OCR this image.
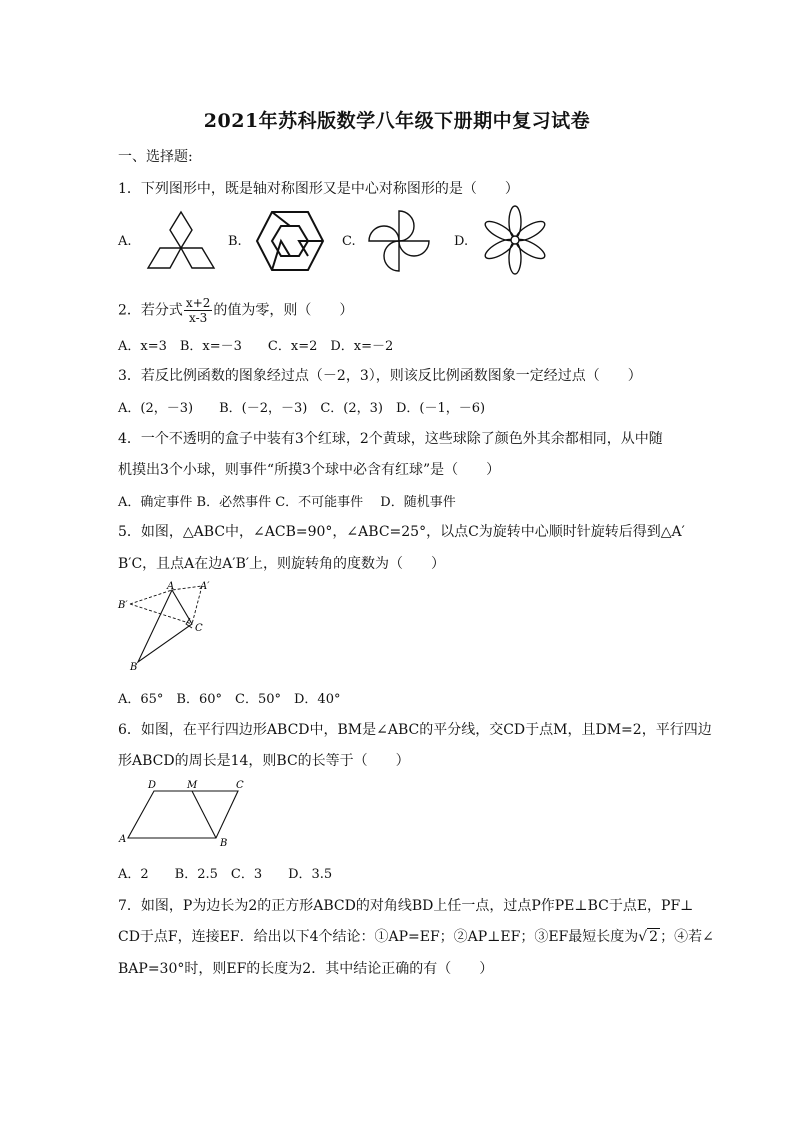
2021年苏科版数学八年级下册期中复习试卷
一、选择题:
1．下列图形中，既是轴对称图形又是中心对称图形的是（　　）
A.	B.	C.	D.
2．若分式 $\frac{x+2}{x-3}$ 的值为零，则（　　）
A．x=3　B．x=－3　　C．x=2　D．x=－2
3．若反比例函数的图象经过点（－2，3），则该反比例函数图象一定经过点（　　）
A．(2，－3)　　B．(－2，－3)　C．(2，3)　D．(－1，－6)
4．一个不透明的盒子中装有3个红球，2个黄球，这些球除了颜色外其余都相同，从中随
机摸出3个小球，则事件“所摸3个球中必含有红球”是（　　）
A．确定事件 B．必然事件 C．不可能事件　 D．随机事件
5．如图，△ABC中，∠ACB=90°，∠ABC=25°，以点C为旋转中心顺时针旋转后得到△A′
B′C，且点A在边A′B′上，则旋转角的度数为（　　）
A	A′
B′
C
B
A．65°　B．60°　C．50°　D．40°
6．如图，在平行四边形ABCD中，BM是∠ABC的平分线，交CD于点M，且DM=2，平行四边
形ABCD的周长是14，则BC的长等于（　　）
D	M	C
A	B
A．2　　B．2.5　C．3　　D．3.5
7．如图，P为边长为2的正方形ABCD的对角线BD上任一点，过点P作PE⊥BC于点E，PF⊥
CD于点F，连接EF．给出以下4个结论：①AP=EF；②AP⊥EF；③EF最短长度为√ 2 ；④若∠
BAP=30°时，则EF的长度为2．其中结论正确的有（　　）
